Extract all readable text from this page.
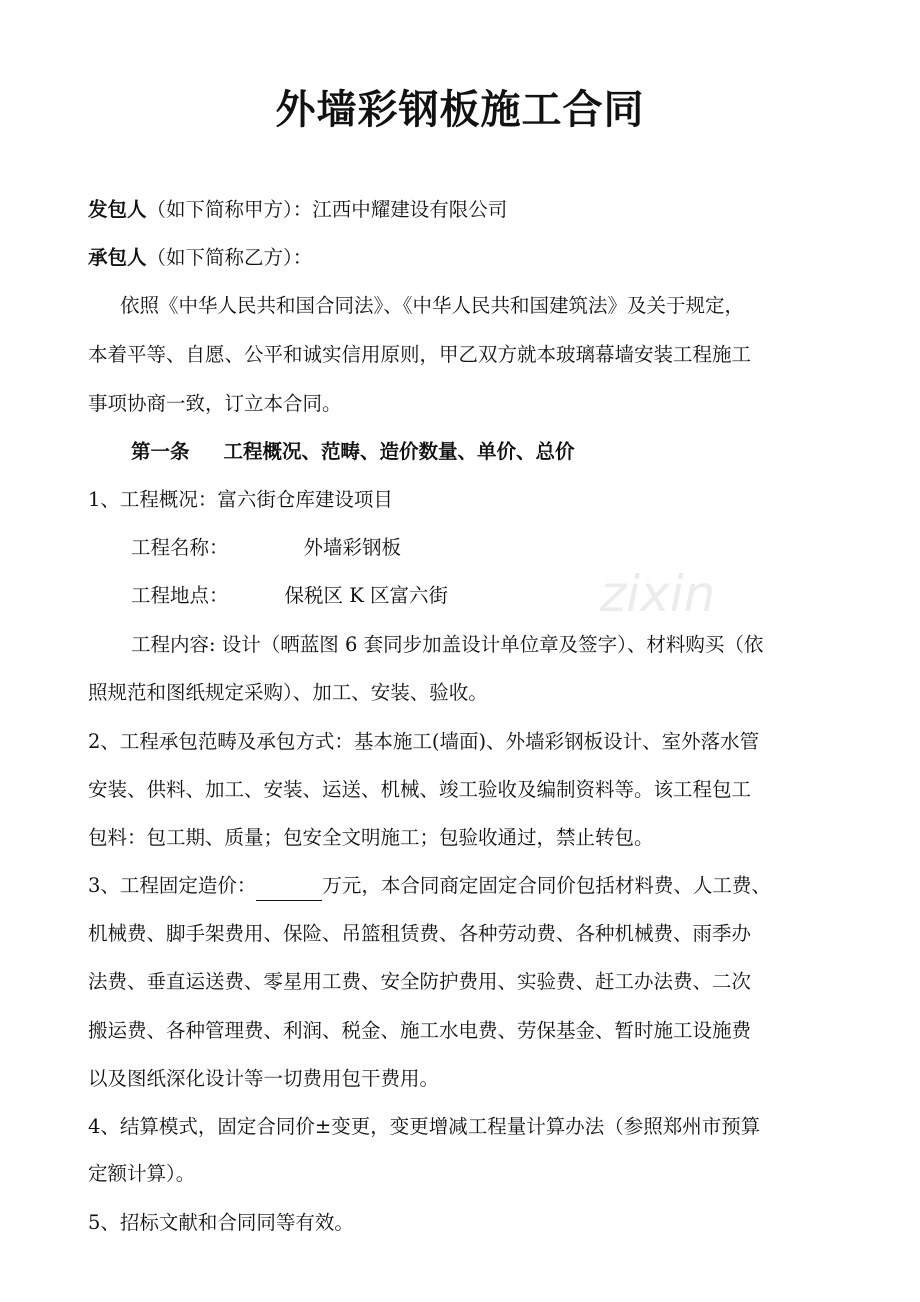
外墙彩钢板施工合同
发包人（如下简称甲方）：江西中耀建设有限公司
承包人（如下简称乙方）：
依照《中华人民共和国合同法》、《中华人民共和国建筑法》及关于规定，
本着平等、自愿、公平和诚实信用原则，甲乙双方就本玻璃幕墙安装工程施工
事项协商一致，订立本合同。
第一条 工程概况、范畴、造价数量、单价、总价
1、工程概况：富六街仓库建设项目
工程名称：	外墙彩钢板
工程地点：	保税区 K 区富六街
工程内容: 设计（晒蓝图 6 套同步加盖设计单位章及签字）、材料购买（依
照规范和图纸规定采购）、加工、安装、验收。
2、工程承包范畴及承包方式：基本施工(墙面)、外墙彩钢板设计、室外落水管
安装、供料、加工、安装、运送、机械、竣工验收及编制资料等。该工程包工
包料：包工期、质量；包安全文明施工；包验收通过，禁止转包。
3、工程固定造价：	万元，本合同商定固定合同价包括材料费、人工费、
机械费、脚手架费用、保险、吊篮租赁费、各种劳动费、各种机械费、雨季办
法费、垂直运送费、零星用工费、安全防护费用、实验费、赶工办法费、二次
搬运费、各种管理费、利润、税金、施工水电费、劳保基金、暂时施工设施费
以及图纸深化设计等一切费用包干费用。
4、结算模式，固定合同价±变更，变更增减工程量计算办法（参照郑州市预算
定额计算）。
5、招标文献和合同同等有效。
zixin
